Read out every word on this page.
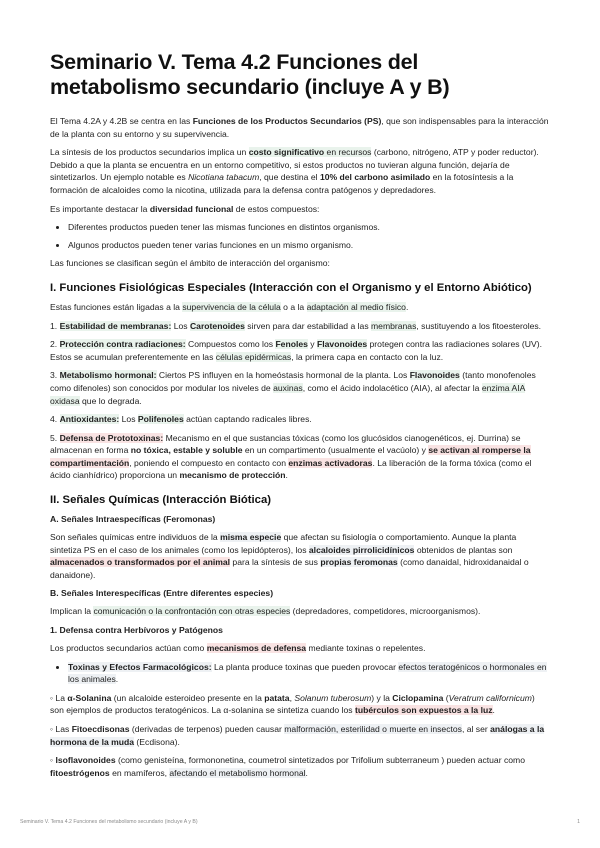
Seminario V. Tema 4.2 Funciones del metabolismo secundario (incluye A y B)

El Tema 4.2A y 4.2B se centra en las Funciones de los Productos Secundarios (PS), que son indispensables para la interacción de la planta con su entorno y su supervivencia.

La síntesis de los productos secundarios implica un costo significativo en recursos (carbono, nitrógeno, ATP y poder reductor). Debido a que la planta se encuentra en un entorno competitivo, si estos productos no tuvieran alguna función, dejaría de sintetizarlos. Un ejemplo notable es Nicotiana tabacum, que destina el 10% del carbono asimilado en la fotosíntesis a la formación de alcaloides como la nicotina, utilizada para la defensa contra patógenos y depredadores.

Es importante destacar la diversidad funcional de estos compuestos:

• Diferentes productos pueden tener las mismas funciones en distintos organismos.
• Algunos productos pueden tener varias funciones en un mismo organismo.

Las funciones se clasifican según el ámbito de interacción del organismo:

I. Funciones Fisiológicas Especiales (Interacción con el Organismo y el Entorno Abiótico)

Estas funciones están ligadas a la supervivencia de la célula o a la adaptación al medio físico.

1. Estabilidad de membranas: Los Carotenoides sirven para dar estabilidad a las membranas, sustituyendo a los fitoesteroles.

2. Protección contra radiaciones: Compuestos como los Fenoles y Flavonoides protegen contra las radiaciones solares (UV). Estos se acumulan preferentemente en las células epidérmicas, la primera capa en contacto con la luz.

3. Metabolismo hormonal: Ciertos PS influyen en la homeóstasis hormonal de la planta. Los Flavonoides (tanto monofenoles como difenoles) son conocidos por modular los niveles de auxinas, como el ácido indolacético (AIA), al afectar la enzima AIA oxidasa que lo degrada.

4. Antioxidantes: Los Polifenoles actúan captando radicales libres.

5. Defensa de Prototoxinas: Mecanismo en el que sustancias tóxicas (como los glucósidos cianogenéticos, ej. Durrina) se almacenan en forma no tóxica, estable y soluble en un compartimento (usualmente el vacúolo) y se activan al romperse la compartimentación, poniendo el compuesto en contacto con enzimas activadoras. La liberación de la forma tóxica (como el ácido cianhídrico) proporciona un mecanismo de protección.

II. Señales Químicas (Interacción Biótica)
A. Señales Intraespecíficas (Feromonas)

Son señales químicas entre individuos de la misma especie que afectan su fisiología o comportamiento. Aunque la planta sintetiza PS en el caso de los animales (como los lepidópteros), los alcaloides pirrolicidínicos obtenidos de plantas son almacenados o transformados por el animal para la síntesis de sus propias feromonas (como danaidal, hidroxidanaidal o danaidone).

B. Señales Interespecíficas (Entre diferentes especies)

Implican la comunicación o la confrontación con otras especies (depredadores, competidores, microorganismos).

1. Defensa contra Herbívoros y Patógenos

Los productos secundarios actúan como mecanismos de defensa mediante toxinas o repelentes.

• Toxinas y Efectos Farmacológicos: La planta produce toxinas que pueden provocar efectos teratogénicos o hormonales en los animales.

◦ La α-Solanina (un alcaloide esteroideo presente en la patata, Solanum tuberosum) y la Ciclopamina (Veratrum californicum) son ejemplos de productos teratogénicos. La α-solanina se sintetiza cuando los tubérculos son expuestos a la luz.

◦ Las Fitoecdisonas (derivadas de terpenos) pueden causar malformación, esterilidad o muerte en insectos, al ser análogas a la hormona de la muda (Ecdisona).

◦ Isoflavonoides (como genisteína, formononetina, coumetrol sintetizados por Trifolium subterraneum ) pueden actuar como fitoestrógenos en mamíferos, afectando el metabolismo hormonal.

Seminario V. Tema 4.2 Funciones del metabolismo secundario (incluye A y B)	1
